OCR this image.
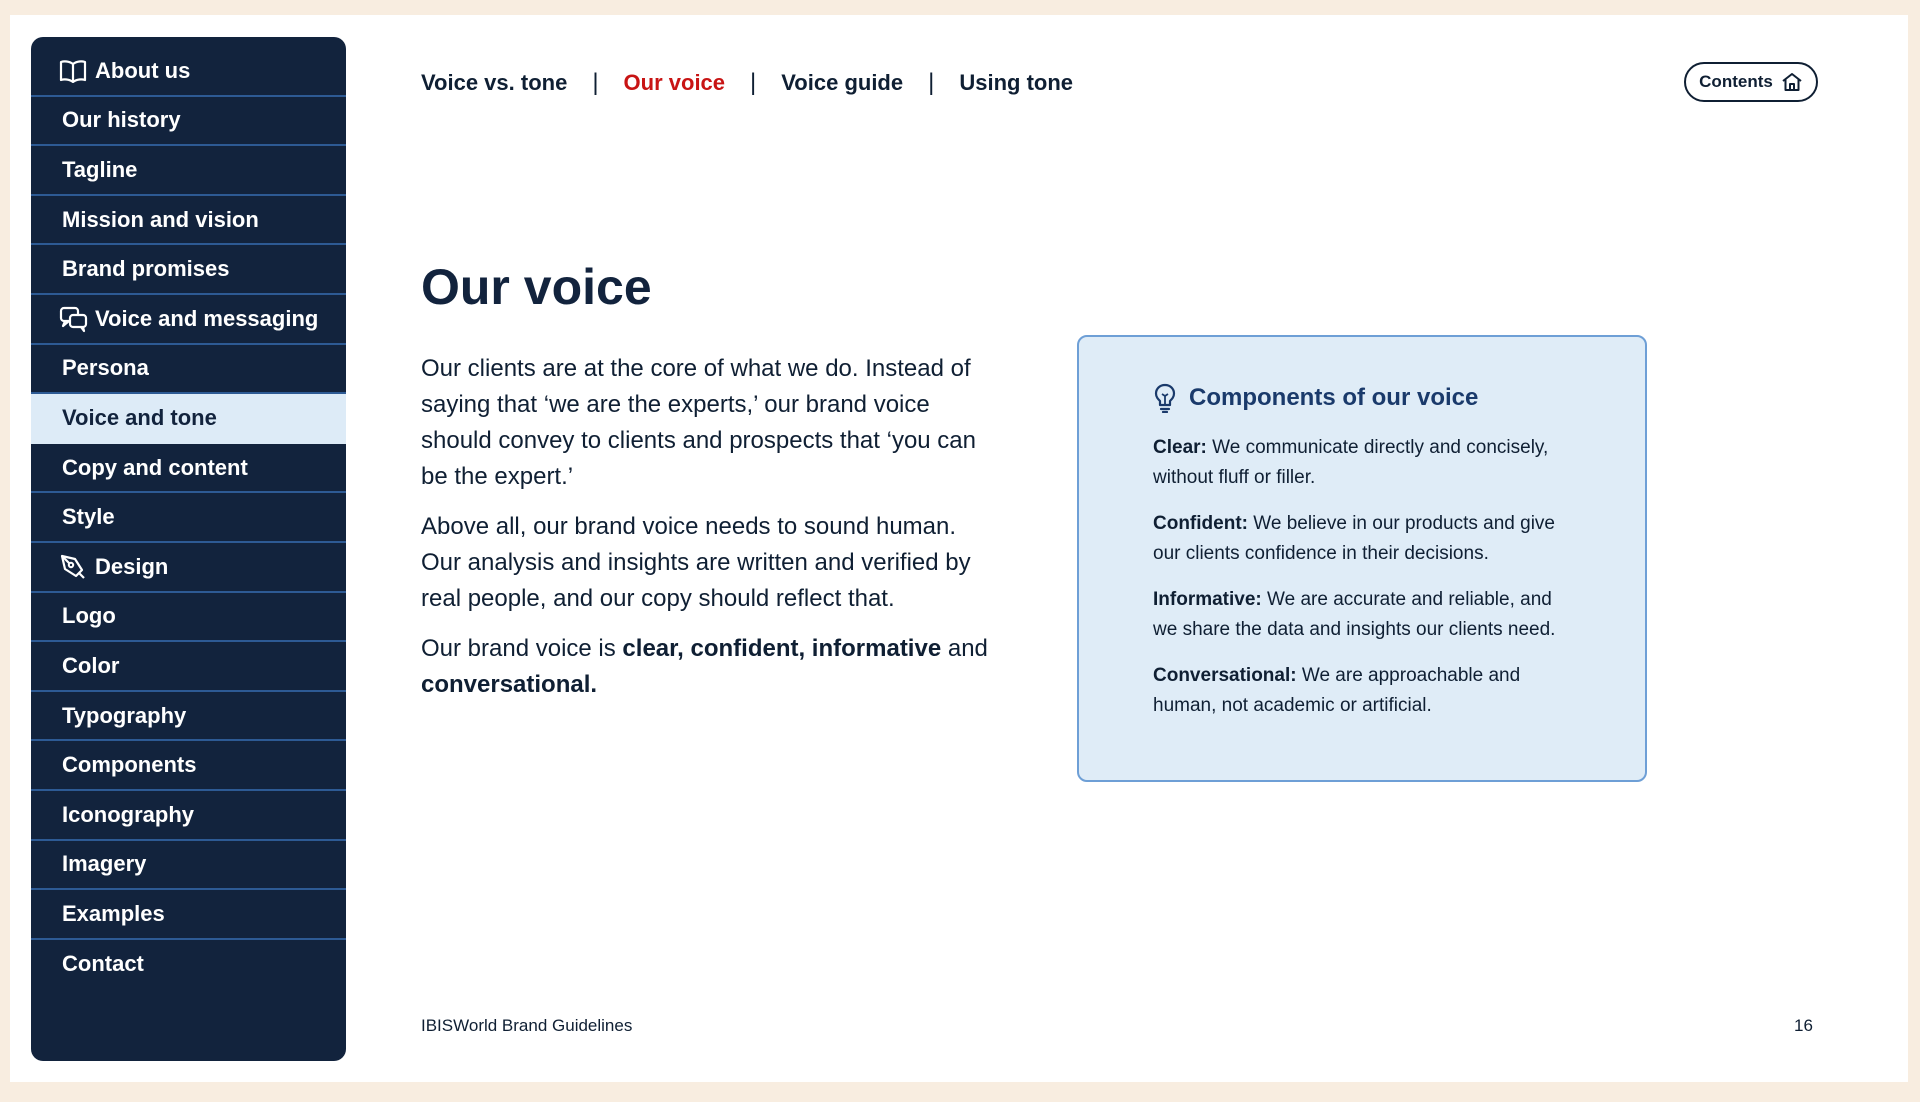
About us
Our history
Tagline
Mission and vision
Brand promises
Voice and messaging
Persona
Voice and tone
Copy and content
Style
Design
Logo
Color
Typography
Components
Iconography
Imagery
Examples
Contact
Voice vs. tone | Our voice | Voice guide | Using tone	Contents
Our voice

Our clients are at the core of what we do. Instead of saying that ‘we are the experts,’ our brand voice should convey to clients and prospects that ‘you can be the expert.’

Above all, our brand voice needs to sound human. Our analysis and insights are written and verified by real people, and our copy should reflect that.

Our brand voice is clear, confident, informative and conversational.

Components of our voice

Clear: We communicate directly and concisely, without fluff or filler.

Confident: We believe in our products and give our clients confidence in their decisions.

Informative: We are accurate and reliable, and we share the data and insights our clients need.

Conversational: We are approachable and human, not academic or artificial.

IBISWorld Brand Guidelines	16
